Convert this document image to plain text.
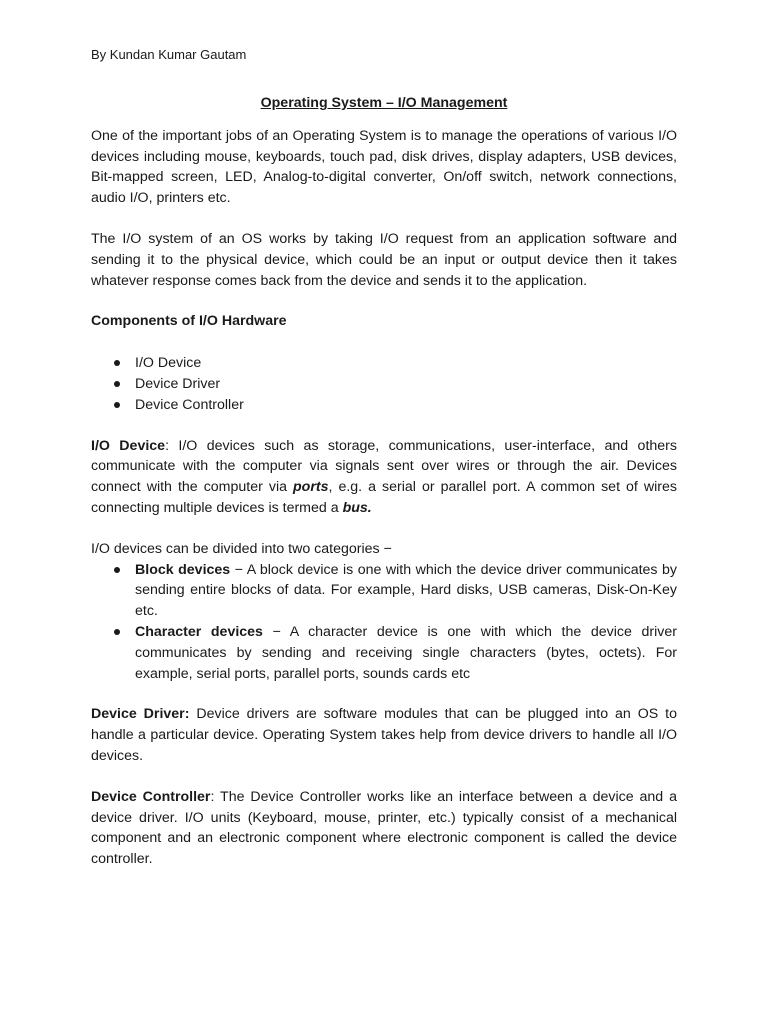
By Kundan Kumar Gautam
Operating System – I/O Management

One of the important jobs of an Operating System is to manage the operations of various I/O devices including mouse, keyboards, touch pad, disk drives, display adapters, USB devices, Bit-mapped screen, LED, Analog-to-digital converter, On/off switch, network connections, audio I/O, printers etc.

The I/O system of an OS works by taking I/O request from an application software and sending it to the physical device, which could be an input or output device then it takes whatever response comes back from the device and sends it to the application.

Components of I/O Hardware
I/O Device
Device Driver
Device Controller

I/O Device: I/O devices such as storage, communications, user-interface, and others communicate with the computer via signals sent over wires or through the air. Devices connect with the computer via ports, e.g. a serial or parallel port. A common set of wires connecting multiple devices is termed a bus.

I/O devices can be divided into two categories −
Block devices − A block device is one with which the device driver communicates by sending entire blocks of data. For example, Hard disks, USB cameras, Disk-On-Key etc.
Character devices − A character device is one with which the device driver communicates by sending and receiving single characters (bytes, octets). For example, serial ports, parallel ports, sounds cards etc

Device Driver: Device drivers are software modules that can be plugged into an OS to handle a particular device. Operating System takes help from device drivers to handle all I/O devices.

Device Controller: The Device Controller works like an interface between a device and a device driver. I/O units (Keyboard, mouse, printer, etc.) typically consist of a mechanical component and an electronic component where electronic component is called the device controller.
